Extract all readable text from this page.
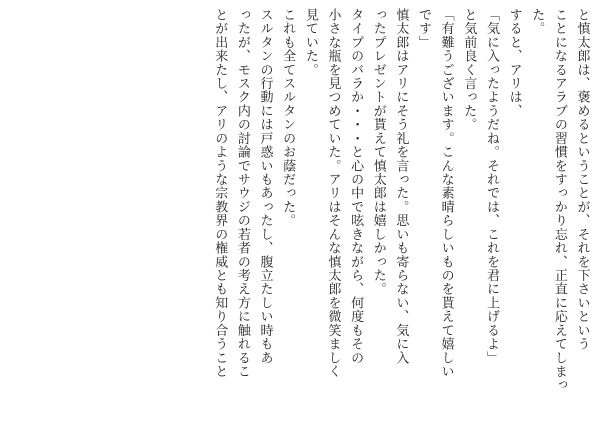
と慎太郎は、褒めるということが、それを下さいという
ことになるアラブの習慣をすっかり忘れ、正直に応えてしまっ
た。
すると、アリは、
「気に入ったようだね。それでは、これを君に上げるよ」
と気前良く言った。
「有難うございます。こんな素晴らしいものを貰えて嬉しい
です」
慎太郎はアリにそう礼を言った。思いも寄らない、気に入
ったプレゼントが貰えて慎太郎は嬉しかった。
タイプのバラか・・・と心の中で呟きながら、何度もその
小さな瓶を見つめていた。アリはそんな慎太郎を微笑ましく
見ていた。
これも全てスルタンのお蔭だった。
スルタンの行動には戸惑いもあったし、腹立たしい時もあ
ったが、モスク内の討論でサウジの若者の考え方に触れるこ
とが出来たし、アリのような宗教界の権威とも知り合うこと
